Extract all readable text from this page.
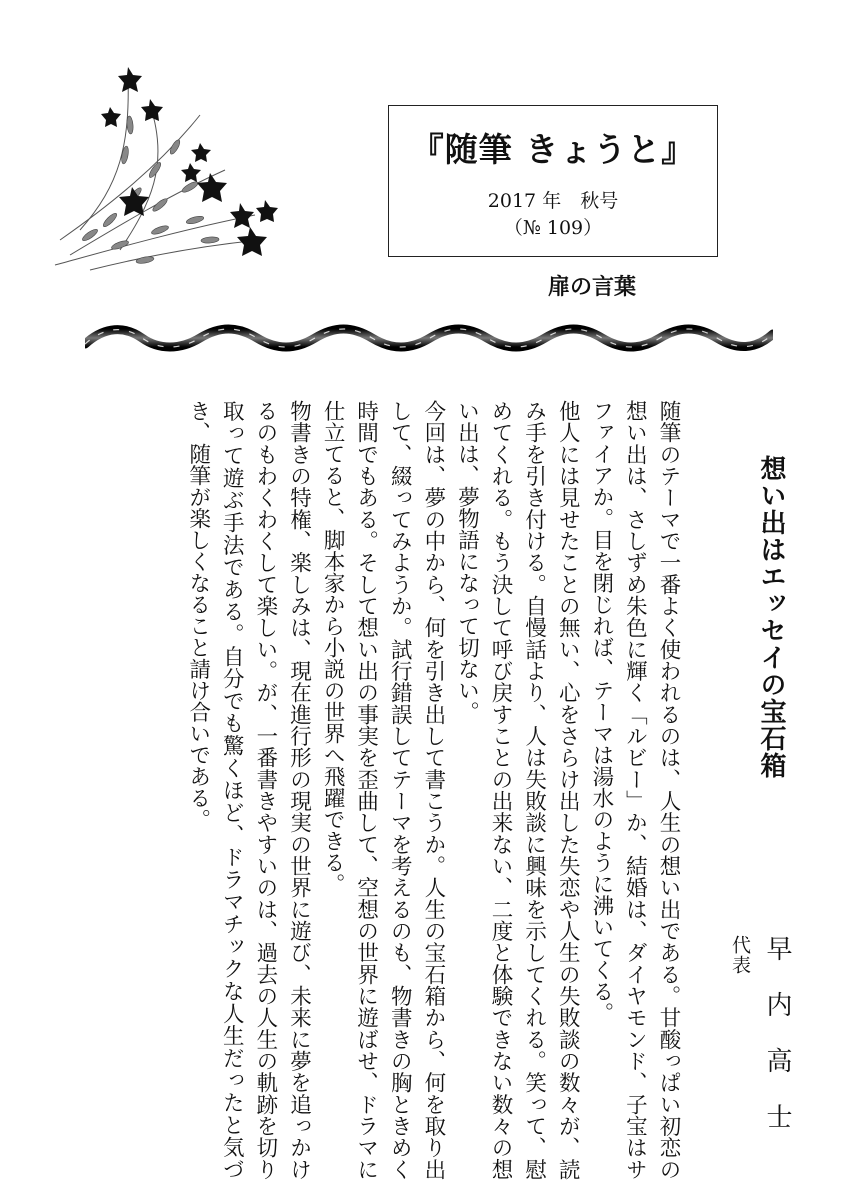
『随筆 きょうと』
2017 年　秋号
（№ 109）
扉の言葉
想い出はエッセイの宝石箱
代表 早内高士

随筆のテーマで一番よく使われるのは、人生の想い出である。甘酸っぱい初恋の想い出は、さしずめ朱色に輝く「ルビー」か、結婚は、ダイヤモンド、子宝はサファイアか。目を閉じれば、テーマは湯水のように沸いてくる。

他人には見せたことの無い、心をさらけ出した失恋や人生の失敗談の数々が、読み手を引き付ける。自慢話より、人は失敗談に興味を示してくれる。笑って、慰めてくれる。もう決して呼び戻すことの出来ない、二度と体験できない数々の想い出は、夢物語になって切ない。

今回は、夢の中から、何を引き出して書こうか。人生の宝石箱から、何を取り出して、綴ってみようか。試行錯誤してテーマを考えるのも、物書きの胸ときめく時間でもある。そして想い出の事実を歪曲して、空想の世界に遊ばせ、ドラマに仕立てると、脚本家から小説の世界へ飛躍できる。

物書きの特権、楽しみは、現在進行形の現実の世界に遊び、未来に夢を追っかけるのもわくわくして楽しい。が、一番書きやすいのは、過去の人生の軌跡を切り取って遊ぶ手法である。自分でも驚くほど、ドラマチックな人生だったと気づき、随筆が楽しくなること請け合いである。
